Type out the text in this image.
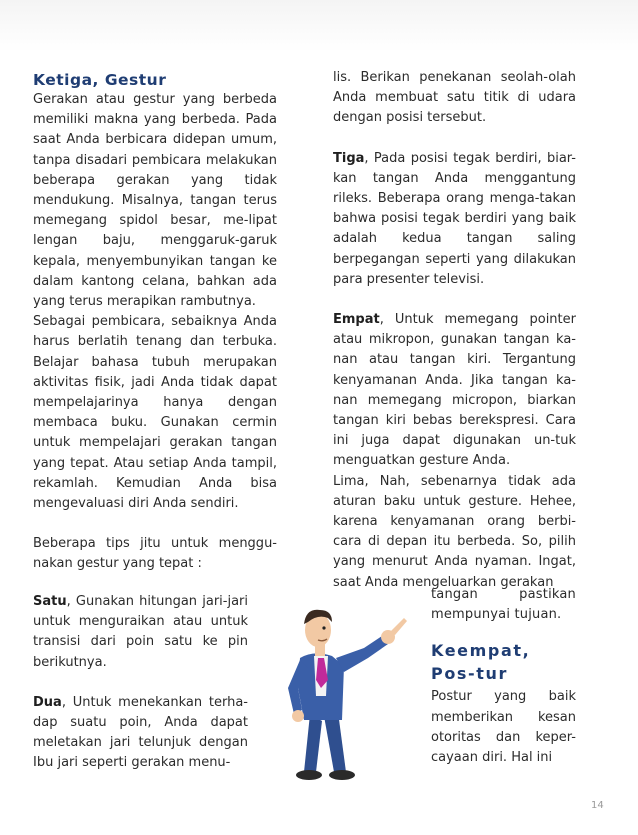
Ketiga, Gestur

Gerakan atau gestur yang berbeda memiliki makna yang berbeda. Pada saat Anda berbicara didepan umum, tanpa disadari pembicara melakukan beberapa gerakan yang tidak mendukung. Misalnya, tangan terus memegang spidol besar, me-lipat lengan baju, menggaruk-garuk kepala, menyembunyikan tangan ke dalam kantong celana, bahkan ada yang terus merapikan rambutnya.

Sebagai pembicara, sebaiknya Anda harus berlatih tenang dan terbuka. Belajar bahasa tubuh merupakan aktivitas fisik, jadi Anda tidak dapat mempelajarinya hanya dengan membaca buku. Gunakan cermin untuk mempelajari gerakan tangan yang tepat. Atau setiap Anda tampil, rekamlah. Kemudian Anda bisa mengevaluasi diri Anda sendiri.

Beberapa tips jitu untuk menggu-nakan gestur yang tepat :

Satu, Gunakan hitungan jari-jari untuk menguraikan atau untuk transisi dari poin satu ke pin berikutnya.

Dua, Untuk menekankan terha-dap suatu poin, Anda dapat meletakan jari telunjuk dengan Ibu jari seperti gerakan menu-

lis. Berikan penekanan seolah-olah Anda membuat satu titik di udara dengan posisi tersebut.

Tiga, Pada posisi tegak berdiri, biar-kan tangan Anda menggantung rileks. Beberapa orang menga-takan bahwa posisi tegak berdiri yang baik adalah kedua tangan saling berpegangan seperti yang dilakukan para presenter televisi.

Empat, Untuk memegang pointer atau mikropon, gunakan tangan ka-nan atau tangan kiri. Tergantung kenyamanan Anda. Jika tangan ka-nan memegang micropon, biarkan tangan kiri bebas berekspresi. Cara ini juga dapat digunakan un-tuk menguatkan gesture Anda.

Lima, Nah, sebenarnya tidak ada aturan baku untuk gesture. Hehee, karena kenyamanan orang berbi-cara di depan itu berbeda. So, pilih yang menurut Anda nyaman. Ingat, saat Anda mengeluarkan gerakan

tangan pastikan mempunyai tujuan.

Keempat, Pos-tur

Postur yang baik memberikan kesan otoritas dan keper-cayaan diri. Hal ini

14
